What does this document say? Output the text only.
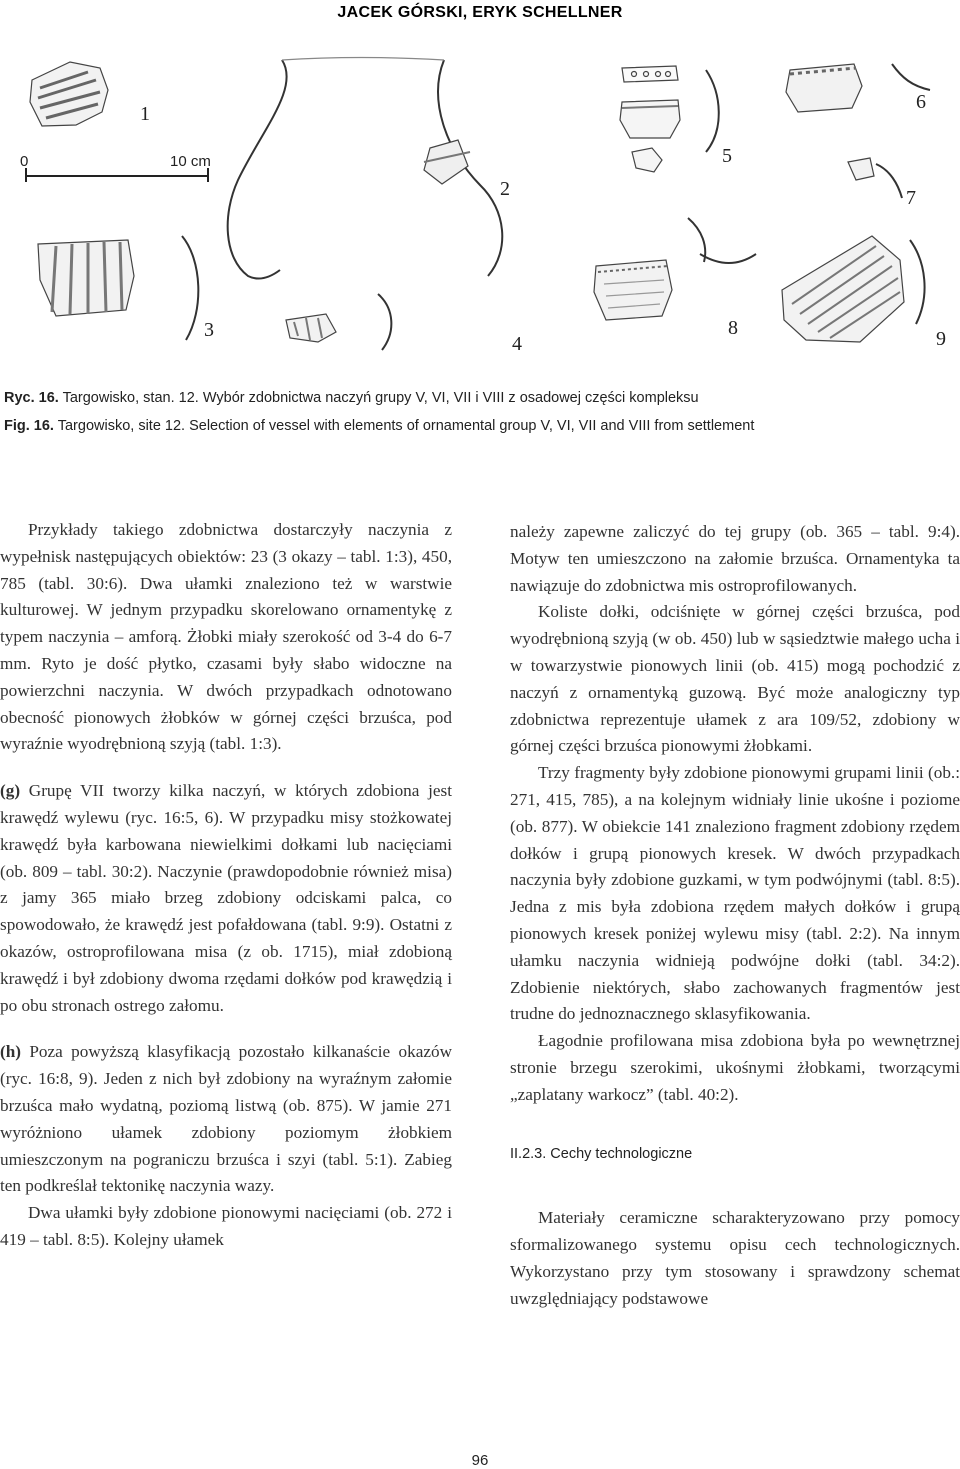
JACEK GÓRSKI, ERYK SCHELLNER
1
2
3
4
5
6
7
8	9
0	10 cm
Ryc. 16. Targowisko, stan. 12. Wybór zdobnictwa naczyń grupy V, VI, VII i VIII z osadowej części kompleksu
Fig. 16. Targowisko, site 12. Selection of vessel with elements of ornamental group V, VI, VII and VIII from settlement

Przykłady takiego zdobnictwa dostarczyły naczynia z wypełnisk następujących obiektów: 23 (3 okazy – tabl. 1:3), 450, 785 (tabl. 30:6). Dwa ułamki znaleziono też w warstwie kulturowej. W jednym przypadku skorelowano ornamentykę z typem naczynia – amforą. Żłobki miały szerokość od 3-4 do 6-7 mm. Ryto je dość płytko, czasami były słabo widoczne na powierzchni naczynia. W dwóch przypadkach odnotowano obecność pionowych żłobków w górnej części brzuśca, pod wyraźnie wyodrębnioną szyją (tabl. 1:3).

(g) Grupę VII tworzy kilka naczyń, w których zdobiona jest krawędź wylewu (ryc. 16:5, 6). W przypadku misy stożkowatej krawędź była karbowana niewielkimi dołkami lub nacięciami (ob. 809 – tabl. 30:2). Naczynie (prawdopodobnie również misa) z jamy 365 miało brzeg zdobiony odciskami palca, co spowodowało, że krawędź jest pofałdowana (tabl. 9:9). Ostatni z okazów, ostroprofilowana misa (z ob. 1715), miał zdobioną krawędź i był zdobiony dwoma rzędami dołków pod krawędzią i po obu stronach ostrego załomu.

(h) Poza powyższą klasyfikacją pozostało kilkanaście okazów (ryc. 16:8, 9). Jeden z nich był zdobiony na wyraźnym załomie brzuśca mało wydatną, poziomą listwą (ob. 875). W jamie 271 wyróżniono ułamek zdobiony poziomym żłobkiem umieszczonym na pograniczu brzuśca i szyi (tabl. 5:1). Zabieg ten podkreślał tektonikę naczynia wazy.

Dwa ułamki były zdobione pionowymi nacięciami (ob. 272 i 419 – tabl. 8:5). Kolejny ułamek

należy zapewne zaliczyć do tej grupy (ob. 365 – tabl. 9:4). Motyw ten umieszczono na załomie brzuśca. Ornamentyka ta nawiązuje do zdobnictwa mis ostroprofilowanych.

Koliste dołki, odciśnięte w górnej części brzuśca, pod wyodrębnioną szyją (w ob. 450) lub w sąsiedztwie małego ucha i w towarzystwie pionowych linii (ob. 415) mogą pochodzić z naczyń z ornamentyką guzową. Być może analogiczny typ zdobnictwa reprezentuje ułamek z ara 109/52, zdobiony w górnej części brzuśca pionowymi żłobkami.

Trzy fragmenty były zdobione pionowymi grupami linii (ob.: 271, 415, 785), a na kolejnym widniały linie ukośne i poziome (ob. 877). W obiekcie 141 znaleziono fragment zdobiony rzędem dołków i grupą pionowych kresek. W dwóch przypadkach naczynia były zdobione guzkami, w tym podwójnymi (tabl. 8:5). Jedna z mis była zdobiona rzędem małych dołków i grupą pionowych kresek poniżej wylewu misy (tabl. 2:2). Na innym ułamku naczynia widnieją podwójne dołki (tabl. 34:2). Zdobienie niektórych, słabo zachowanych fragmentów jest trudne do jednoznacznego sklasyfikowania.

Łagodnie profilowana misa zdobiona była po wewnętrznej stronie brzegu szerokimi, ukośnymi żłobkami, tworzącymi „zaplatany warkocz” (tabl. 40:2).

II.2.3. Cechy technologiczne

Materiały ceramiczne scharakteryzowano przy pomocy sformalizowanego systemu opisu cech technologicznych. Wykorzystano przy tym stosowany i sprawdzony schemat uwzględniający podstawowe

96
